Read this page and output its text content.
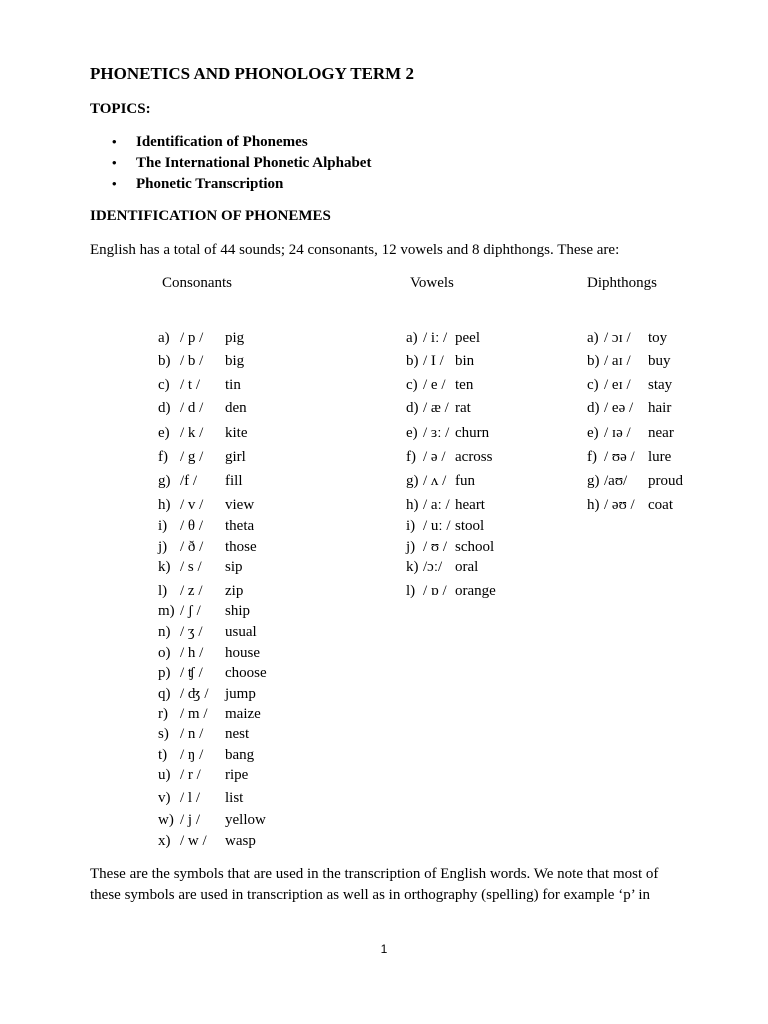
PHONETICS AND PHONOLOGY TERM 2
TOPICS:
• Identification of Phonemes
• The International Phonetic Alphabet
• Phonetic Transcription
IDENTIFICATION OF PHONEMES
English has a total of 44 sounds; 24 consonants, 12 vowels and 8 diphthongs. These are:
Consonants	Vowels	Diphthongs
a) / p / pig
b) / b / big
c) / t / tin
d) / d / den
e) / k / kite
f) / g / girl
g) /f / fill
h) / v / view
i) / θ / theta
j) / ð / those
k) / s / sip
l) / z / zip
m) / ʃ / ship
n) / ʒ / usual
o) / h / house
p) / ʧ / choose
q) / ʤ / jump
r) / m / maize
s) / n / nest
t) / ŋ / bang
u) / r / ripe
v) / l / list
w) / j / yellow
x) / w / wasp
a) / iː / peel
b) / I / bin
c) / e / ten
d) / æ / rat
e) / ɜː / churn
f) / ə / across
g) / ʌ / fun
h) / aː / heart
i) / uː / stool
j) / ʊ / school
k) /ɔː/ oral
l) / ɒ / orange
a) / ɔɪ / toy
b) / aɪ / buy
c) / eɪ / stay
d) / eə / hair
e) / ɪə / near
f) / ʊə / lure
g) /aʊ/ proud
h) / əʊ / coat
These are the symbols that are used in the transcription of English words. We note that most of these symbols are used in transcription as well as in orthography (spelling) for example ‘p’ in
1
